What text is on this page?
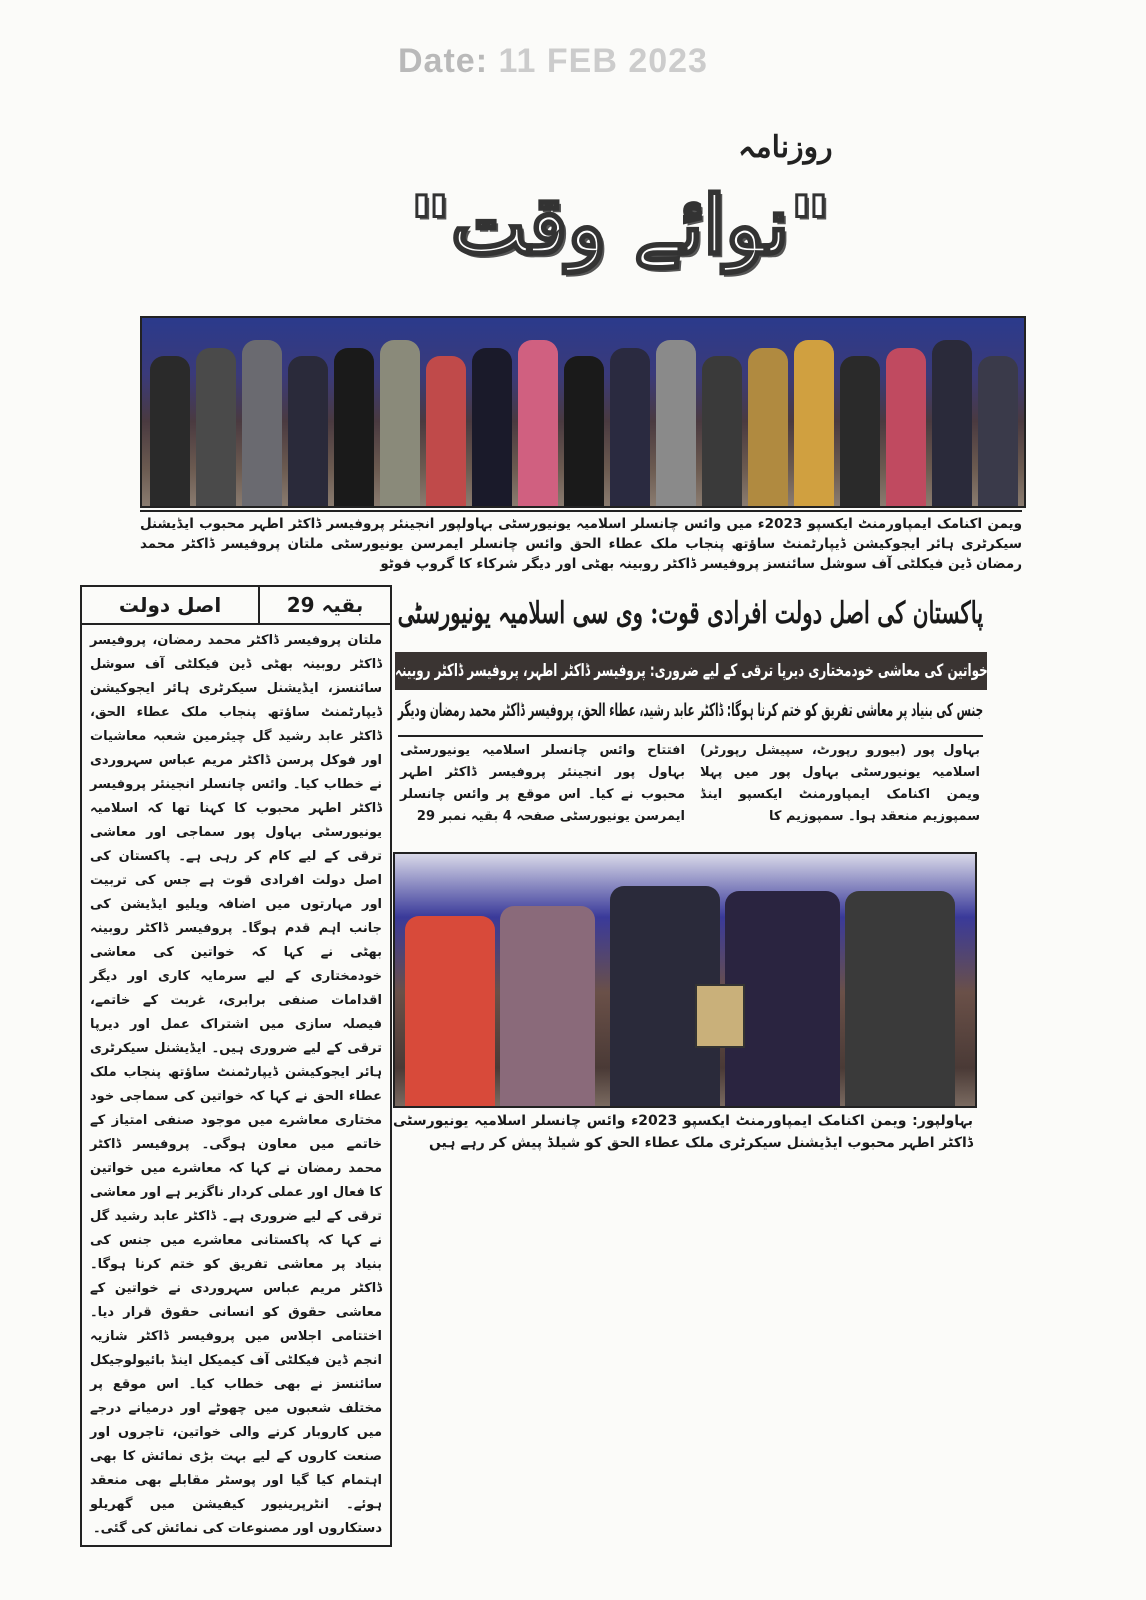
Date: 11 FEB 2023
روزنامہ
"نوائے وقت"
ویمن اکنامک ایمپاورمنٹ ایکسپو 2023ء میں وائس چانسلر اسلامیہ یونیورسٹی بہاولپور انجینئر پروفیسر ڈاکٹر اطہر محبوب ایڈیشنل سیکرٹری ہائر ایجوکیشن ڈیپارٹمنٹ ساؤتھ پنجاب ملک عطاء الحق وائس چانسلر ایمرسن یونیورسٹی ملتان پروفیسر ڈاکٹر محمد رمضان ڈین فیکلٹی آف سوشل سائنسز پروفیسر ڈاکٹر روبینہ بھٹی اور دیگر شرکاء کا گروپ فوٹو
بقیہ 29
اصل دولت
ملتان پروفیسر ڈاکٹر محمد رمضان، پروفیسر ڈاکٹر روبینہ بھٹی ڈین فیکلٹی آف سوشل سائنسز، ایڈیشنل سیکرٹری ہائر ایجوکیشن ڈیپارٹمنٹ ساؤتھ پنجاب ملک عطاء الحق، ڈاکٹر عابد رشید گل چیئرمین شعبہ معاشیات اور فوکل پرسن ڈاکٹر مریم عباس سہروردی نے خطاب کیا۔ وائس چانسلر انجینئر پروفیسر ڈاکٹر اطہر محبوب کا کہنا تھا کہ اسلامیہ یونیورسٹی بہاول پور سماجی اور معاشی ترقی کے لیے کام کر رہی ہے۔ پاکستان کی اصل دولت افرادی قوت ہے جس کی تربیت اور مہارتوں میں اضافہ ویلیو ایڈیشن کی جانب اہم قدم ہوگا۔ پروفیسر ڈاکٹر روبینہ بھٹی نے کہا کہ خواتین کی معاشی خودمختاری کے لیے سرمایہ کاری اور دیگر اقدامات صنفی برابری، غربت کے خاتمے، فیصلہ سازی میں اشتراک عمل اور دیرپا ترقی کے لیے ضروری ہیں۔ ایڈیشنل سیکرٹری ہائر ایجوکیشن ڈیپارٹمنٹ ساؤتھ پنجاب ملک عطاء الحق نے کہا کہ خواتین کی سماجی خود مختاری معاشرے میں موجود صنفی امتیاز کے خاتمے میں معاون ہوگی۔ پروفیسر ڈاکٹر محمد رمضان نے کہا کہ معاشرے میں خواتین کا فعال اور عملی کردار ناگزیر ہے اور معاشی ترقی کے لیے ضروری ہے۔ ڈاکٹر عابد رشید گل نے کہا کہ پاکستانی معاشرے میں جنس کی بنیاد پر معاشی تفریق کو ختم کرنا ہوگا۔ ڈاکٹر مریم عباس سہروردی نے خواتین کے معاشی حقوق کو انسانی حقوق قرار دیا۔ اختتامی اجلاس میں پروفیسر ڈاکٹر شازیہ انجم ڈین فیکلٹی آف کیمیکل اینڈ بائیولوجیکل سائنسز نے بھی خطاب کیا۔ اس موقع پر مختلف شعبوں میں چھوٹے اور درمیانے درجے میں کاروبار کرنے والی خواتین، تاجروں اور صنعت کاروں کے لیے بہت بڑی نمائش کا بھی اہتمام کیا گیا اور پوسٹر مقابلے بھی منعقد ہوئے۔ انٹرپرینیور کیفیشن میں گھریلو دستکاروں اور مصنوعات کی نمائش کی گئی۔
پاکستان کی اصل دولت افرادی قوت: وی سی اسلامیہ یونیورسٹی
خواتین کی معاشی خودمختاری دیرپا ترقی کے لیے ضروری: پروفیسر ڈاکٹر اطہر، پروفیسر ڈاکٹر روبینہ
جنس کی بنیاد پر معاشی تفریق کو ختم کرنا ہوگا: ڈاکٹر عابد رشید، عطاء الحق، پروفیسر ڈاکٹر محمد رمضان ودیگر
بہاول پور (بیورو رپورٹ، سپیشل رپورٹر) اسلامیہ یونیورسٹی بہاول پور میں پہلا ویمن اکنامک ایمپاورمنٹ ایکسپو اینڈ سمپوزیم منعقد ہوا۔ سمپوزیم کا
افتتاح وائس چانسلر اسلامیہ یونیورسٹی بہاول پور انجینئر پروفیسر ڈاکٹر اطہر محبوب نے کیا۔ اس موقع پر وائس چانسلر ایمرسن یونیورسٹی صفحہ 4 بقیہ نمبر 29
بہاولپور: ویمن اکنامک ایمپاورمنٹ ایکسپو 2023ء وائس چانسلر اسلامیہ یونیورسٹی ڈاکٹر اطہر محبوب ایڈیشنل سیکرٹری ملک عطاء الحق کو شیلڈ پیش کر رہے ہیں
